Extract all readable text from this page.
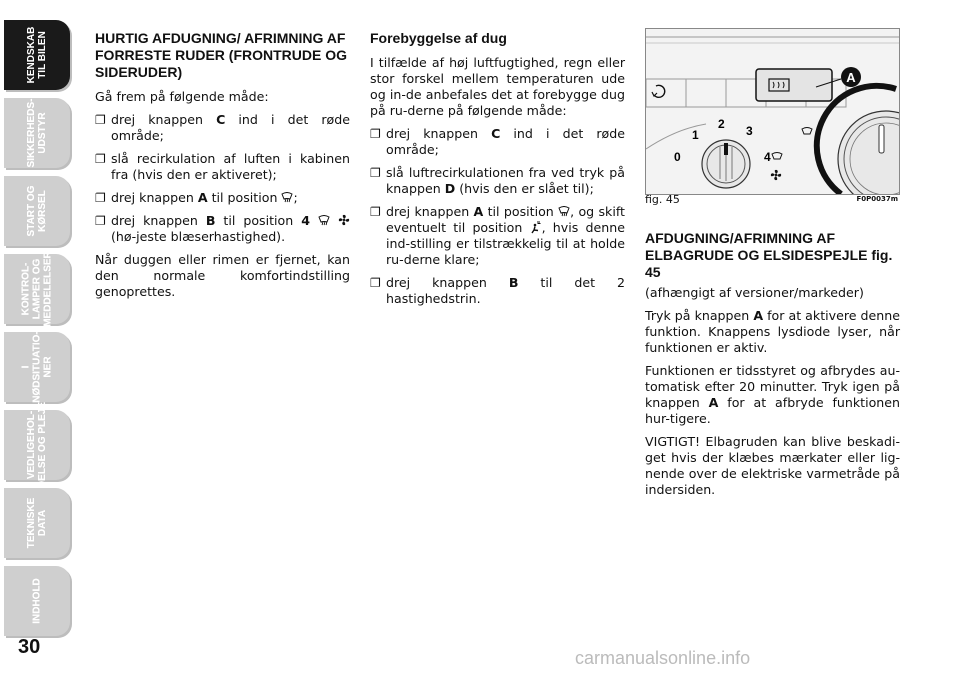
KENDSKAB
TIL BILEN
SIKKERHEDS-
UDSTYR
START OG
KØRSEL
KONTROL-
LAMPER OG
MEDDELELSER
I
NØDSITUATIO-
NER
VEDLIGEHOL-
DELSE OG PLEJE
TEKNISKE
DATA
INDHOLD
30
HURTIG AFDUGNING/ AFRIMNING AF FORRESTE RUDER (FRONTRUDE OG SIDERUDER)

Gå frem på følgende måde:

❐ drej knappen C ind i det røde område;
❐ slå recirkulation af luften i kabinen fra (hvis den er aktiveret);
❐ drej knappen A til position ;
❐ drej knappen B til position 4   (hø-jeste blæserhastighed).

Når duggen eller rimen er fjernet, kan den normale komfortindstilling genoprettes.

Forebyggelse af dug

I tilfælde af høj luftfugtighed, regn eller stor forskel mellem temperaturen ude og in-de anbefales det at forebygge dug på ru-derne på følgende måde:

❐ drej knappen C ind i det røde område;
❐ slå luftrecirkulationen fra ved tryk på knappen D (hvis den er slået til);
❐ drej knappen A til position , og skift eventuelt til position , hvis denne ind-stilling er tilstrækkelig til at holde ru-derne klare;
❐ drej knappen B til det 2 hastighedstrin.
A
0
1
2 3
4
fig. 45	F0P0037m
AFDUGNING/AFRIMNING AF ELBAGRUDE OG ELSIDESPEJLE fig. 45

(afhængigt af versioner/markeder)

Tryk på knappen A for at aktivere denne funktion. Knappens lysdiode lyser, når funktionen er aktiv.

Funktionen er tidsstyret og afbrydes au-tomatisk efter 20 minutter. Tryk igen på knappen A for at afbryde funktionen hur-tigere.

VIGTIGT! Elbagruden kan blive beskadi-get hvis der klæbes mærkater eller lig-nende over de elektriske varmetråde på indersiden.

carmanualsonline.info
